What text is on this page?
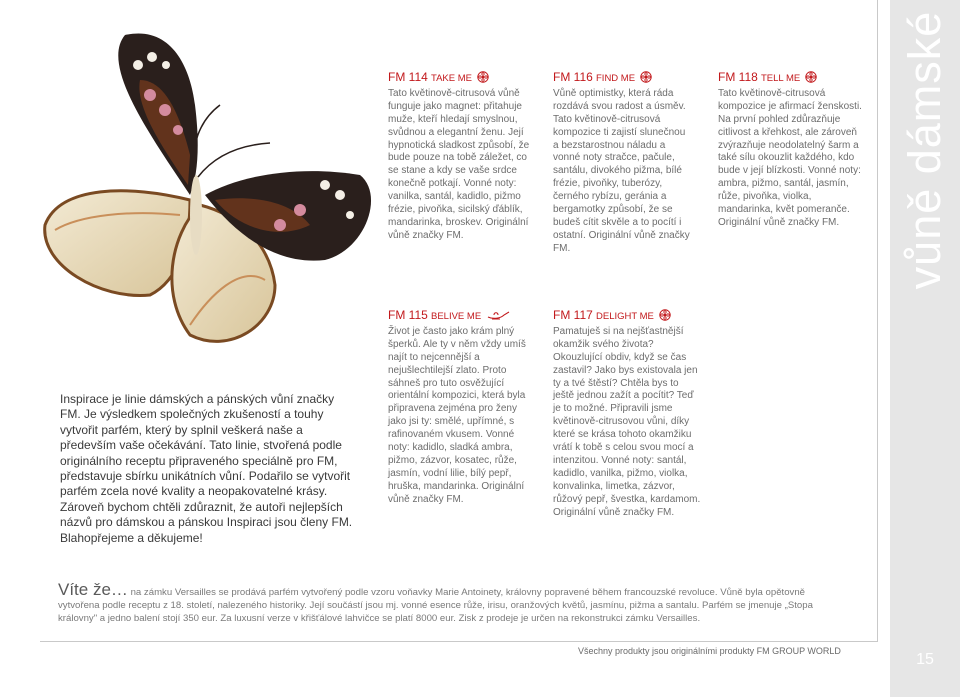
vůně dámské
15
FM 114 TAKE ME

Tato květinově-citrusová vůně funguje jako magnet: přitahuje muže, kteří hledají smyslnou, svůdnou a elegantní ženu. Její hypnotická sladkost způsobí, že bude pouze na tobě záležet, co se stane a kdy se vaše srdce konečně potkají. Vonné noty: vanilka, santál, kadidlo, pižmo frézie, pivoňka, sicilský ďáblík, mandarinka, broskev. Originální vůně značky FM.

FM 115 BELIVE ME

Život je často jako krám plný šperků. Ale ty v něm vždy umíš najít to nejcennější a nejušlechtilejší zlato. Proto sáhneš pro tuto osvěžující orientální kompozici, která byla připravena zejména pro ženy jako jsi ty: smělé, upřímné, s rafinovaném vkusem. Vonné noty: kadidlo, sladká ambra, pižmo, zázvor, kosatec, růže, jasmín, vodní lilie, bílý pepř, hruška, mandarinka. Originální vůně značky FM.

FM 116 FIND ME

Vůně optimistky, která ráda rozdává svou radost a úsměv. Tato květinově-citrusová kompozice ti zajistí slunečnou a bezstarostnou náladu a vonné noty stračce, pačule, santálu, divokého pižma, bílé frézie, pivoňky, tuberózy, černého rybízu, geránia a bergamotky způsobí, že se budeš cítit skvěle a to pocítí i ostatní. Originální vůně značky FM.

FM 117 DELIGHT ME

Pamatuješ si na nejšťastnější okamžik svého života? Okouzlující obdiv, když se čas zastavil? Jako bys existovala jen ty a tvé štěstí? Chtěla bys to ještě jednou zažít a pocítit? Teď je to možné. Připravili jsme květinově-citrusovou vůni, díky které se krása tohoto okamžiku vrátí k tobě s celou svou mocí a intenzitou. Vonné noty: santál, kadidlo, vanilka, pižmo, violka, konvalinka, limetka, zázvor, růžový pepř, švestka, kardamom. Originální vůně značky FM.

FM 118 TELL ME

Tato květinově-citrusová kompozice je afirmací ženskosti. Na první pohled zdůrazňuje citlivost a křehkost, ale zároveň zvýrazňuje neodolatelný šarm a také sílu okouzlit každého, kdo bude v její blízkosti. Vonné noty: ambra, pižmo, santál, jasmín, růže, pivoňka, violka, mandarinka, květ pomeranče. Originální vůně značky FM.

Inspirace je linie dámských a pánských vůní značky FM. Je výsledkem společných zkušeností a touhy vytvořit parfém, který by splnil veškerá naše a především vaše očekávání. Tato linie, stvořená podle originálního receptu připraveného speciálně pro FM, představuje sbírku unikátních vůní. Podařilo se vytvořit parfém zcela nové kvality a neopakovatelné krásy. Zároveň bychom chtěli zdůraznit, že autoři nejlepších názvů pro dámskou a pánskou Inspiraci jsou členy FM. Blahopřejeme a děkujeme!

Víte že… na zámku Versailles se prodává parfém vytvořený podle vzoru voňavky Marie Antoinety, královny popravené během francouzské revoluce. Vůně byla opětovně vytvořena podle receptu z 18. století, nalezeného historiky. Její součástí jsou mj. vonné esence růže, irisu, oranžových květů, jasmínu, pižma a santalu. Parfém se jmenuje „Stopa královny" a jedno balení stojí 350 eur. Za luxusní verze v křišťálové lahvičce se platí 8000 eur. Zisk z prodeje je určen na rekonstrukci zámku Versailles.
Všechny produkty jsou originálními produkty FM GROUP WORLD
